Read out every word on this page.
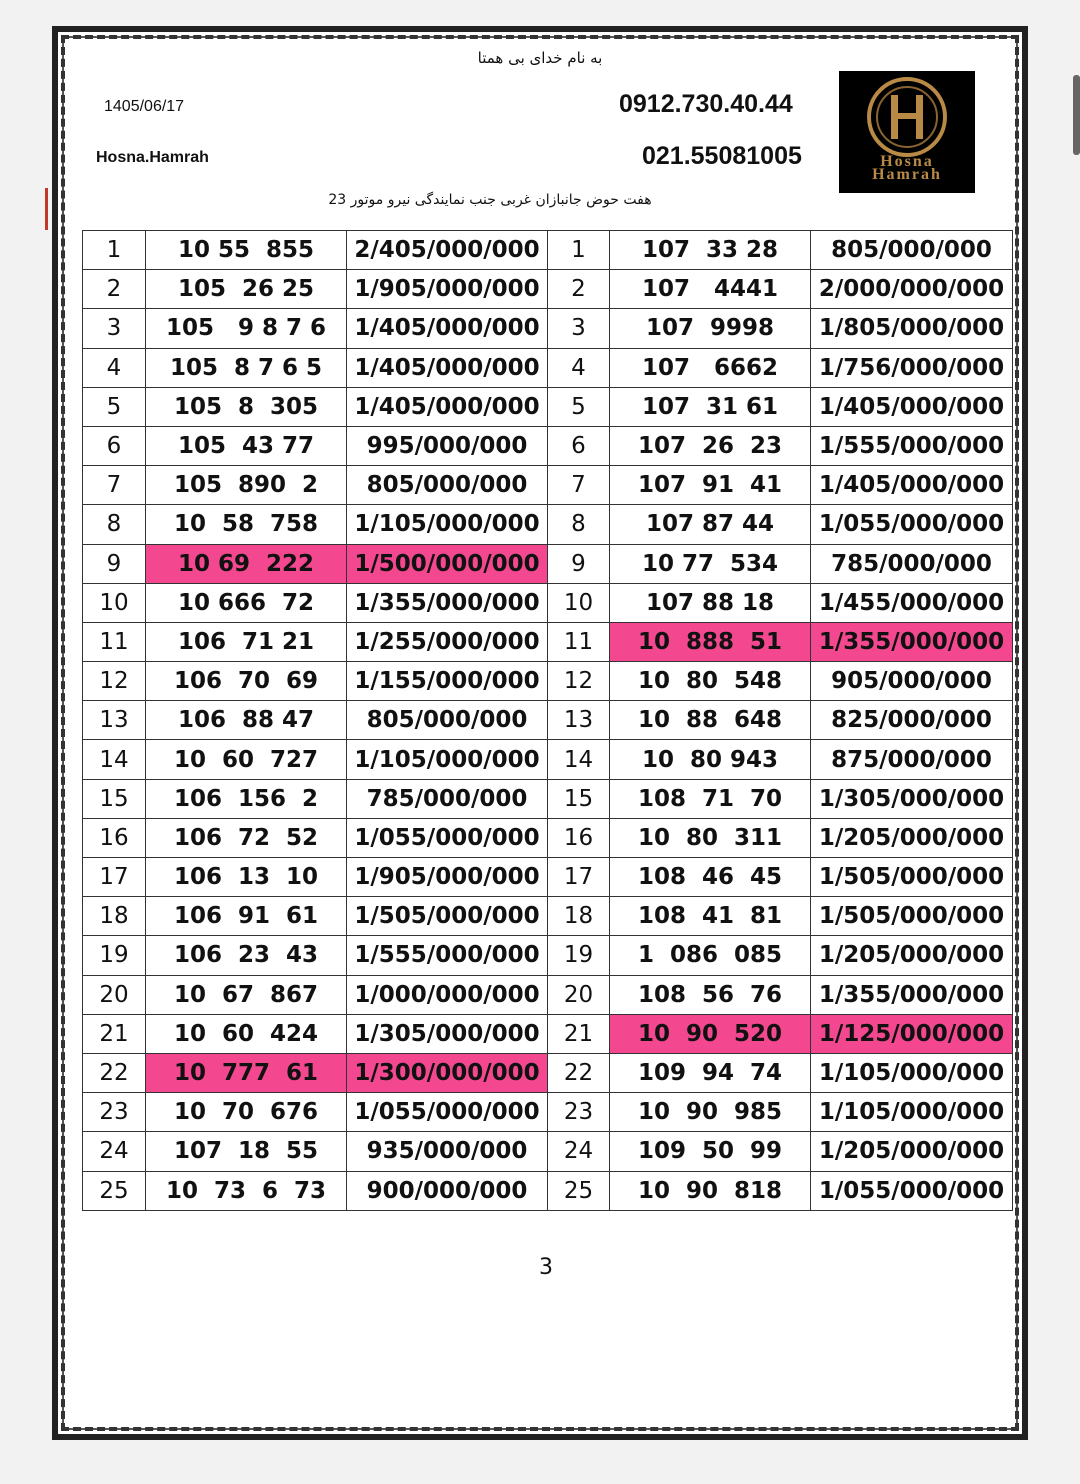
به نام خدای بی همتا
1405/06/17
Hosna.Hamrah
0912.730.40.44
021.55081005	Hosna
Hamrah
هفت حوض جانبازان غربی جنب نمایندگی نیرو موتور 23
1	10 55  855	2/405/000/000	1	107  33 28	805/000/000
2	105  26 25	1/905/000/000	2	107   4441	2/000/000/000
3	105   9 8 7 6	1/405/000/000	3	107  9998	1/805/000/000
4	105  8 7 6 5	1/405/000/000	4	107   6662	1/756/000/000
5	105  8  305	1/405/000/000	5	107  31 61	1/405/000/000
6	105  43 77	995/000/000	6	107  26  23	1/555/000/000
7	105  890  2	805/000/000	7	107  91  41	1/405/000/000
8	10  58  758	1/105/000/000	8	107 87 44	1/055/000/000
9	10 69  222	1/500/000/000	9	10 77  534	785/000/000
10	10 666  72	1/355/000/000	10	107 88 18	1/455/000/000
11	106  71 21	1/255/000/000	11	10  888  51	1/355/000/000
12	106  70  69	1/155/000/000	12	10  80  548	905/000/000
13	106  88 47	805/000/000	13	10  88  648	825/000/000
14	10  60  727	1/105/000/000	14	10  80 943	875/000/000
15	106  156  2	785/000/000	15	108  71  70	1/305/000/000
16	106  72  52	1/055/000/000	16	10  80  311	1/205/000/000
17	106  13  10	1/905/000/000	17	108  46  45	1/505/000/000
18	106  91  61	1/505/000/000	18	108  41  81	1/505/000/000
19	106  23  43	1/555/000/000	19	1  086  085	1/205/000/000
20	10  67  867	1/000/000/000	20	108  56  76	1/355/000/000
21	10  60  424	1/305/000/000	21	10  90  520	1/125/000/000
22	10  777  61	1/300/000/000	22	109  94  74	1/105/000/000
23	10  70  676	1/055/000/000	23	10  90  985	1/105/000/000
24	107  18  55	935/000/000	24	109  50  99	1/205/000/000
25	10  73  6  73	900/000/000	25	10  90  818	1/055/000/000
3
